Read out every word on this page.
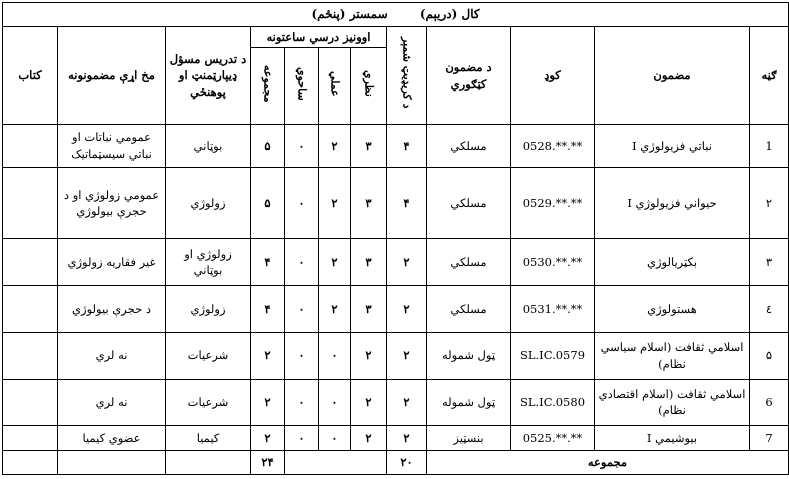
کال (دریېم) سمستر (پنځم)											
ګڼه	مضمون	کوډ	د مضمون کټګوري	د کریډیټ شمېر	اوونیز درسي ساعتونه				د تدریس مسؤل ډیپارټمنټ او پوهنځي	مخ اړې مضمونونه	کتاب
					نظري	عملي	ساحوي	مجموعه			
1	نباتي فزیولوژي I	0528.**.**	مسلکي	۴	۳	۲	۰	۵	بوټاني	عمومي نباتات او نباتي سیسټماتیک	
۲	حیواني فزیولوژي I	0529.**.**	مسلکي	۴	۳	۲	۰	۵	زولوژي	عمومي زولوژي او د حجرې بیولوژي	
۳	بکټریالوژي	0530.**.**	مسلکي	۲	۳	۲	۰	۴	زولوژي او بوټاني	غیر فقاریه زولوژي	
٤	هستولوژي	0531.**.**	مسلکي	۲	۳	۲	۰	۴	زولوژي	د حجرې بیولوژي	
۵	اسلامي ثقافت (اسلام سیاسي نظام)	SL.IC.0579	ټول شموله	۲	۲	۰	۰	۲	شرعیات	نه لري	
6	اسلامي ثقافت (اسلام اقتصادي نظام)	SL.IC.0580	ټول شموله	۲	۲	۰	۰	۲	شرعیات	نه لري	
7	بیوشیمي I	0525.**.**	بنسټیز	۲	۲	۰	۰	۲	کیمیا	عضوي کیمیا	
مجموعه				۲۰				۲۴			
